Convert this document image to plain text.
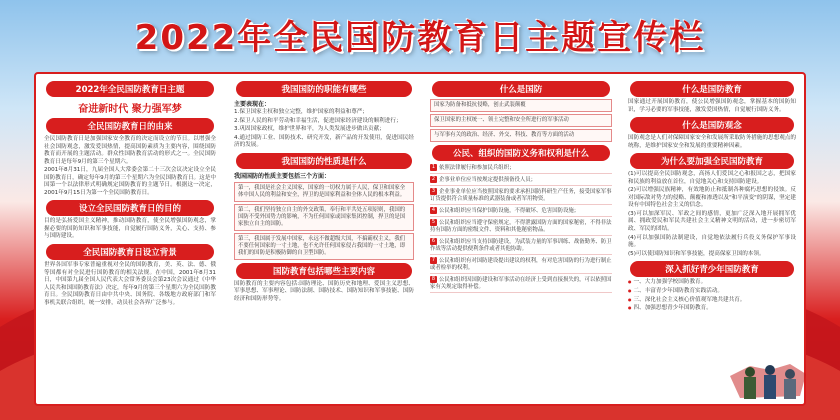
2022年全民国防教育日主题宣传栏
2022年全民国防教育日主题
奋进新时代 聚力强军梦
全民国防教育日的由来
全民国防教育日是加强国家安全教育的决定而设立的节日。以增强全社会国防观念，激发爱国热情，提高国防素质为主要内容，围绕国防教育而开展的主题活动。群众性国防教育活动的形式之一。全民国防教育日是每年9月的第三个星期六。
2001年8月31日，九届全国人大常委会第二十三次会议决定设立全民国防教育日，确定每年9月的第三个星期六为全民国防教育日。这是中国第一个以法律形式明确规定国防教育的主题节日。根据这一决定，2001年9月15日为第一个全民国防教育日。
设立全民国防教育日的目的
目的是弘扬爱国主义精神，推动国防教育，使全民增强国防观念，掌握必要的国防知识和军事技能，自觉履行国防义务，关心、支持、参与国防建设。
全民国防教育日设立背景
世界各国军事专家普遍重视对全民的国防教育，美、英、法、德、俄等国都有对全民进行国防教育的相关法规。在中国，2001年8月31日，中国第九届全国人民代表大会常务委员会第23次会议通过《中华人民共和国国防教育法》决定，每年9月的第三个星期六为全民国防教育日。全民国防教育日由中共中央、国务院、各级地方政府部门和军事机关联合组织，统一安排，动员社会各界广泛参与。
我国国防的职能有哪些
主要表现在：
1.保卫国家主权和独立完整，维护国家的利益和尊严；
2.保卫人民的和平劳动和幸福生活，促进国家经济建设的顺利进行；
3.巩固国家政权，维护世界和平，为人类发展进步做出贡献；
4.通过国防工业、国防技术、研究开发，新产品的开发使用，促进国民经济的发展。
我国国防的性质是什么
我国国防的性质主要包括三个方面：
第一，我国是社会主义国家，国家的一切权力属于人民，保卫和国家全体中国人民的利益和安全，捍卫的是国家利益和全体人民的根本利益。
第二，我们坚持独立自主的外交政策，奉行和平共处五项原则，我国的国防不受外国势力的影响，不为任何国家或国家集团控制，捍卫的是国家独立自主的国防。
第三，我国属于发展中国家，永远不做超级大国，不搞霸权主义，我们不要任何国家的一寸土地，也不允许任何国家侵占我国的一寸土地，即我们的国防是积极防御的自卫型国防。
国防教育包括哪些主要内容
国防教育的主要内容包括:国防理论、国防历史和地理、爱国主义思想、军事思想、军事理论、国防法制、国防技术、国防知识和军事技能、国防经济和国防形势等。
什么是国防
国家为防备和抵抗侵略，创止武装颠覆
保卫国家的主权统一、领土完整和安全所进行的军事活动
与军事有关的政治、经济、外交、科技、教育等方面的活动
公民、组织的国防义务和权利是什么
1 依照法律履行和参加民兵组织；
2 企事业单位应当按规定提供预备役人员；
3 企业事业单位应当按照国家的要求承担国防科研生产任务，接受国家军事订货提供符合质量标准的武器装备或者军用物资。
4 公民和组织应当保护国防设施，不得破坏、危害国防设施；
5 公民和组织应当遵守保密规定，不得泄露国防方面的国家秘密，不得非法持有国防方面的密级文件、资料和其他秘密物品。
6 公民和组织应当支持国防建设，为武装力量的军事训练、战备勤务、防卫作战等活动提供便利条件或者其他协助。
7 公民和组织有对国防建设提出建议的权利，有对危害国防的行为进行制止或者检举的权利。
8 公民和组织因国防建设和军事活动在经济上受到直接损失的，可以依照国家有关规定取得补偿。
什么是国防教育
国家通过开展国防教育，使公民增强国防观念，掌握基本的国防知识，学习必要的军事技能，激发爱国热情，自觉履行国防义务。
什么是国防观念
国防观念是人们对保障国家安全和发展所采取防务措施的思想观点的统称，是维护国家安全和发展的重要精神因素。
为什么要加强全民国防教育
(1)可以提高全民国防观念，高扬人们爱国之心和报国之志，把国家和民族的利益放在首位，自觉地关心和支持国防建设。
(2)可以增强民族精神，有效地防止和抵制各种腐朽思想的侵蚀。反对国际敌对势力的侵略、颠覆和渗透以及"和平演变"的阴谋，坚定建设有中国特色社会主义的信念。
(3)可以加深军民、军政之间的感情，更加广泛深入地开展拥军优属、拥政爱民和军民共建社会主义精神文明的活动，进一步密切军政、军民的团结。
(4)可以加强国防法制建设，自觉地依法履行兵役义务保护军事设施。
(5)可以使国防知识和军事技能，提高保家卫国的本领。
深入抓好青少年国防教育
● 一、大力加强学校国防教育。
● 二、丰富青少年国防教育实践活动。
● 三、深化社会主义核心价值观军地共建共育。
● 四、加强思想青少年国防教育。
